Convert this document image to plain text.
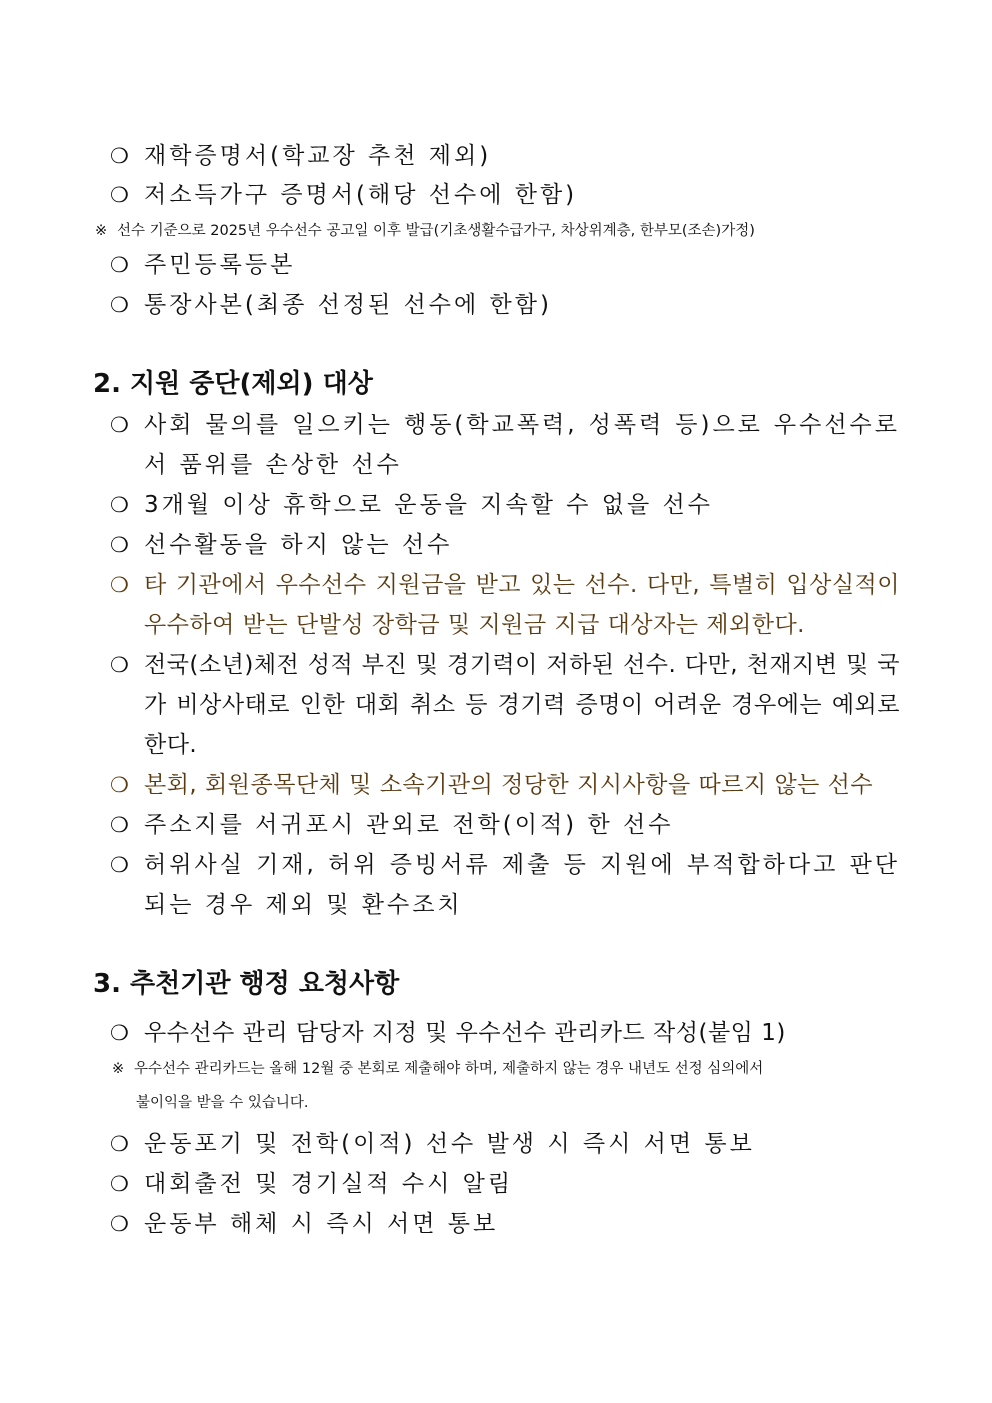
❍ 재학증명서(학교장 추천 제외)
❍ 저소득가구 증명서(해당 선수에 한함)
※ 선수 기준으로 2025년 우수선수 공고일 이후 발급(기초생활수급가구, 차상위계층, 한부모(조손)가정)
❍ 주민등록등본
❍ 통장사본(최종 선정된 선수에 한함)
2. 지원 중단(제외) 대상
❍ 사회 물의를 일으키는 행동(학교폭력, 성폭력 등)으로 우수선수로서 품위를 손상한 선수
❍ 3개월 이상 휴학으로 운동을 지속할 수 없을 선수
❍ 선수활동을 하지 않는 선수
❍ 타 기관에서 우수선수 지원금을 받고 있는 선수. 다만, 특별히 입상실적이 우수하여 받는 단발성 장학금 및 지원금 지급 대상자는 제외한다.
❍ 전국(소년)체전 성적 부진 및 경기력이 저하된 선수. 다만, 천재지변 및 국가 비상사태로 인한 대회 취소 등 경기력 증명이 어려운 경우에는 예외로 한다.
❍ 본회, 회원종목단체 및 소속기관의 정당한 지시사항을 따르지 않는 선수
❍ 주소지를 서귀포시 관외로 전학(이적) 한 선수
❍ 허위사실 기재, 허위 증빙서류 제출 등 지원에 부적합하다고 판단되는 경우 제외 및 환수조치
3. 추천기관 행정 요청사항
❍ 우수선수 관리 담당자 지정 및 우수선수 관리카드 작성(붙임 1)
※ 우수선수 관리카드는 올해 12월 중 본회로 제출해야 하며, 제출하지 않는 경우 내년도 선정 심의에서
불이익을 받을 수 있습니다.
❍ 운동포기 및 전학(이적) 선수 발생 시 즉시 서면 통보
❍ 대회출전 및 경기실적 수시 알림
❍ 운동부 해체 시 즉시 서면 통보
